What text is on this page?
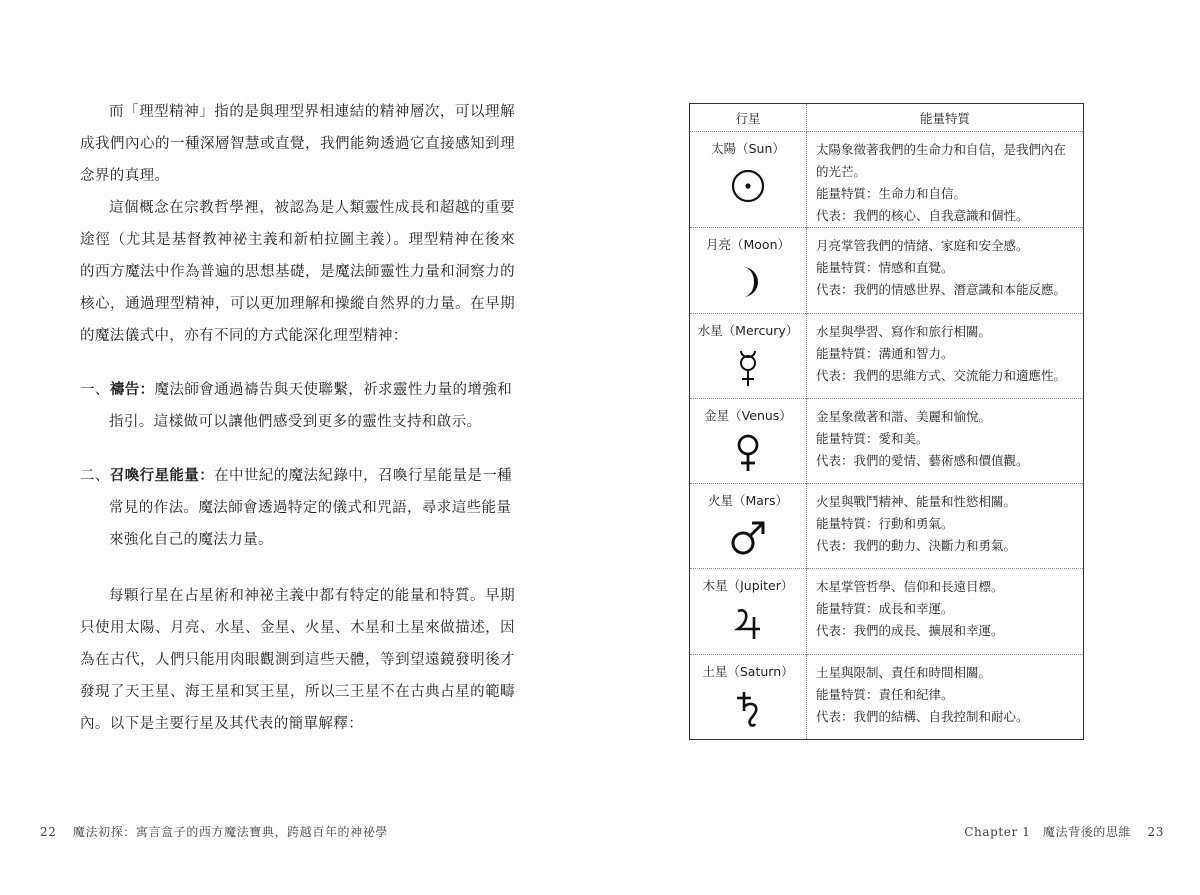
而「理型精神」指的是與理型界相連結的精神層次，可以理解成我們內心的一種深層智慧或直覺，我們能夠透過它直接感知到理念界的真理。

這個概念在宗教哲學裡，被認為是人類靈性成長和超越的重要途徑（尤其是基督教神祕主義和新柏拉圖主義）。理型精神在後來的西方魔法中作為普遍的思想基礎，是魔法師靈性力量和洞察力的核心，通過理型精神，可以更加理解和操縱自然界的力量。在早期的魔法儀式中，亦有不同的方式能深化理型精神：

一、禱告：魔法師會通過禱告與天使聯繫，祈求靈性力量的增強和指引。這樣做可以讓他們感受到更多的靈性支持和啟示。

二、召喚行星能量：在中世紀的魔法紀錄中，召喚行星能量是一種常見的作法。魔法師會透過特定的儀式和咒語，尋求這些能量來強化自己的魔法力量。

每顆行星在占星術和神祕主義中都有特定的能量和特質。早期只使用太陽、月亮、水星、金星、火星、木星和土星來做描述，因為在古代，人們只能用肉眼觀測到這些天體，等到望遠鏡發明後才發現了天王星、海王星和冥王星，所以三王星不在古典占星的範疇內。以下是主要行星及其代表的簡單解釋：

行星	能量特質

太陽（Sun）	太陽象徵著我們的生命力和自信，是我們內在的光芒。
能量特質：生命力和自信。
代表：我們的核心、自我意識和個性。

月亮（Moon）	月亮掌管我們的情緒、家庭和安全感。
能量特質：情感和直覺。
代表：我們的情感世界、潛意識和本能反應。

水星（Mercury）	水星與學習、寫作和旅行相關。
能量特質：溝通和智力。
代表：我們的思維方式、交流能力和適應性。

金星（Venus）	金星象徵著和諧、美麗和愉悅。
能量特質：愛和美。
代表：我們的愛情、藝術感和價值觀。

火星（Mars）	火星與戰鬥精神、能量和性慾相關。
能量特質：行動和勇氣。
代表：我們的動力、決斷力和勇氣。

木星（Jupiter）	木星掌管哲學、信仰和長遠目標。
能量特質：成長和幸運。
代表：我們的成長、擴展和幸運。

土星（Saturn）	土星與限制、責任和時間相關。
能量特質：責任和紀律。
代表：我們的結構、自我控制和耐心。
22 魔法初探：寓言盒子的西方魔法寶典，跨越百年的神祕學	Chapter 1 魔法背後的思維 23
